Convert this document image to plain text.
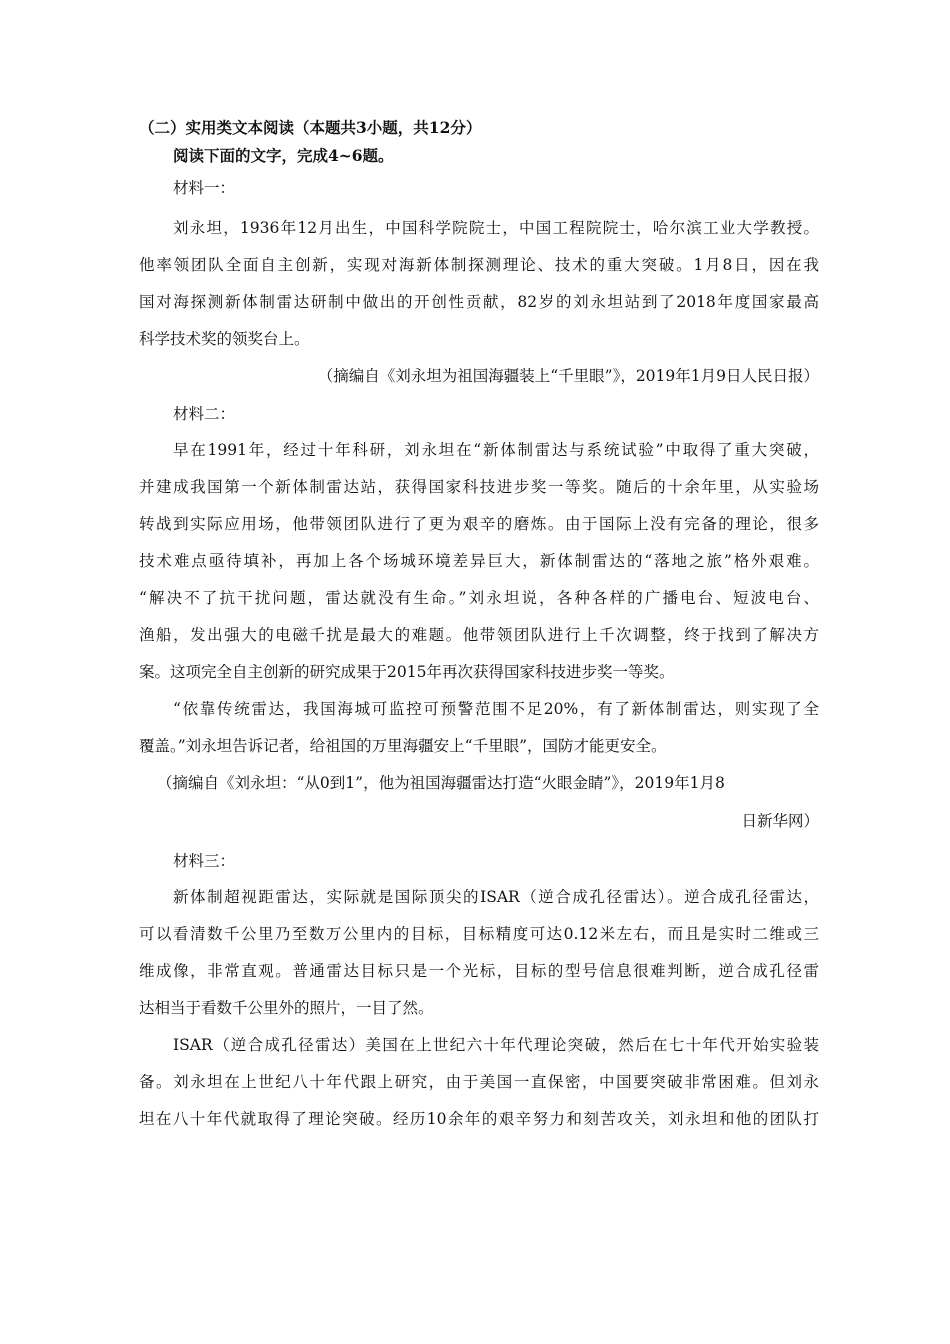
（二）实用类文本阅读（本题共3小题，共12分）
阅读下面的文字，完成4~6题。
材料一：
刘永坦，1936年12月出生，中国科学院院士，中国工程院院士，哈尔滨工业大学教授。
他率领团队全面自主创新，实现对海新体制探测理论、技术的重大突破。1月8日，因在我
国对海探测新体制雷达研制中做出的开创性贡献，82岁的刘永坦站到了2018年度国家最高
科学技术奖的领奖台上。
（摘编自《刘永坦为祖国海疆装上“千里眼”》，2019年1月9日人民日报）
材料二：
早在1991年，经过十年科研，刘永坦在“新体制雷达与系统试验”中取得了重大突破，
并建成我国第一个新体制雷达站，获得国家科技进步奖一等奖。随后的十余年里，从实验场
转战到实际应用场，他带领团队进行了更为艰辛的磨炼。由于国际上没有完备的理论，很多
技术难点亟待填补，再加上各个场城环境差异巨大，新体制雷达的“落地之旅”格外艰难。
“解决不了抗干扰问题，雷达就没有生命。”刘永坦说，各种各样的广播电台、短波电台、
渔船，发出强大的电磁千扰是最大的难题。他带领团队进行上千次调整，终于找到了解决方
案。这项完全自主创新的研究成果于2015年再次获得国家科技进步奖一等奖。
“依靠传统雷达，我国海城可监控可预警范围不足20%，有了新体制雷达，则实现了全
覆盖。”刘永坦告诉记者，给祖国的万里海疆安上“千里眼”，国防才能更安全。
（摘编自《刘永坦：“从0到1”，他为祖国海疆雷达打造“火眼金睛”》，2019年1月8
日新华网）
材料三：
新体制超视距雷达，实际就是国际顶尖的ISAR（逆合成孔径雷达）。逆合成孔径雷达，
可以看清数千公里乃至数万公里内的目标，目标精度可达0.12米左右，而且是实时二维或三
维成像，非常直观。普通雷达目标只是一个光标，目标的型号信息很难判断，逆合成孔径雷
达相当于看数千公里外的照片，一目了然。
ISAR（逆合成孔径雷达）美国在上世纪六十年代理论突破，然后在七十年代开始实验装
备。刘永坦在上世纪八十年代跟上研究，由于美国一直保密，中国要突破非常困难。但刘永
坦在八十年代就取得了理论突破。经历10余年的艰辛努力和刻苦攻关，刘永坦和他的团队打
